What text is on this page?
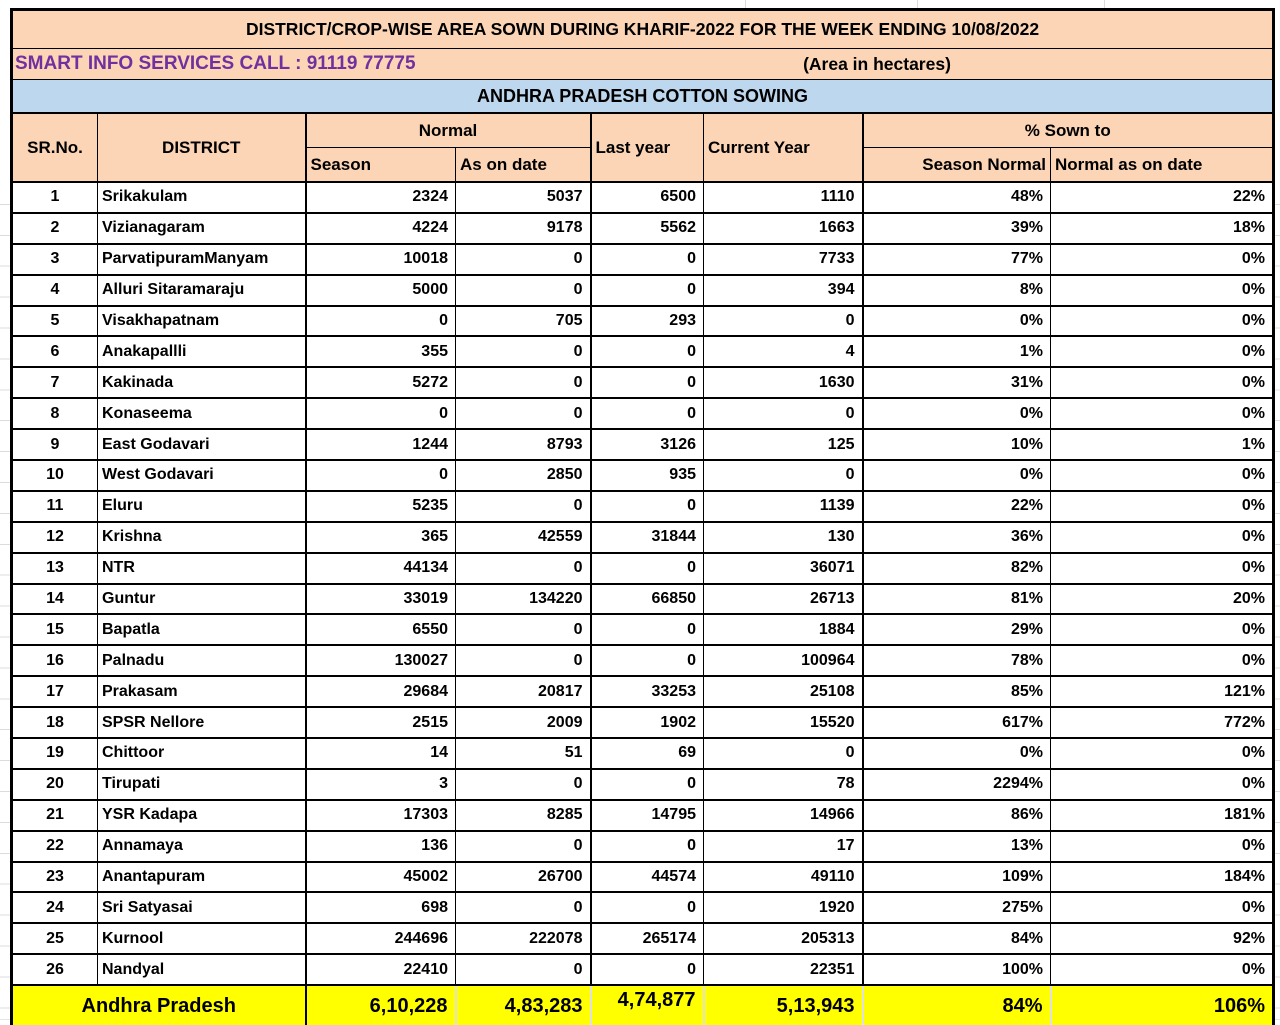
DISTRICT/CROP-WISE AREA SOWN DURING KHARIF-2022 FOR THE WEEK ENDING 10/08/2022							
SMART INFO SERVICES CALL : 91119 77775					(Area in hectares)		
ANDHRA PRADESH COTTON SOWING							
SR.No.	DISTRICT	Normal		Last year	Current Year	% Sown to	
		Season	As on date			Season Normal	Normal as on date
1	Srikakulam	2324	5037	6500	1110	48%	22%
2	Vizianagaram	4224	9178	5562	1663	39%	18%
3	ParvatipuramManyam	10018	0	0	7733	77%	0%
4	Alluri Sitaramaraju	5000	0	0	394	8%	0%
5	Visakhapatnam	0	705	293	0	0%	0%
6	Anakapallli	355	0	0	4	1%	0%
7	Kakinada	5272	0	0	1630	31%	0%
8	Konaseema	0	0	0	0	0%	0%
9	East Godavari	1244	8793	3126	125	10%	1%
10	West Godavari	0	2850	935	0	0%	0%
11	Eluru	5235	0	0	1139	22%	0%
12	Krishna	365	42559	31844	130	36%	0%
13	NTR	44134	0	0	36071	82%	0%
14	Guntur	33019	134220	66850	26713	81%	20%
15	Bapatla	6550	0	0	1884	29%	0%
16	Palnadu	130027	0	0	100964	78%	0%
17	Prakasam	29684	20817	33253	25108	85%	121%
18	SPSR Nellore	2515	2009	1902	15520	617%	772%
19	Chittoor	14	51	69	0	0%	0%
20	Tirupati	3	0	0	78	2294%	0%
21	YSR Kadapa	17303	8285	14795	14966	86%	181%
22	Annamaya	136	0	0	17	13%	0%
23	Anantapuram	45002	26700	44574	49110	109%	184%
24	Sri Satyasai	698	0	0	1920	275%	0%
25	Kurnool	244696	222078	265174	205313	84%	92%
26	Nandyal	22410	0	0	22351	100%	0%
Andhra Pradesh		6,10,228	4,83,283	4,74,877	5,13,943	84%	106%
